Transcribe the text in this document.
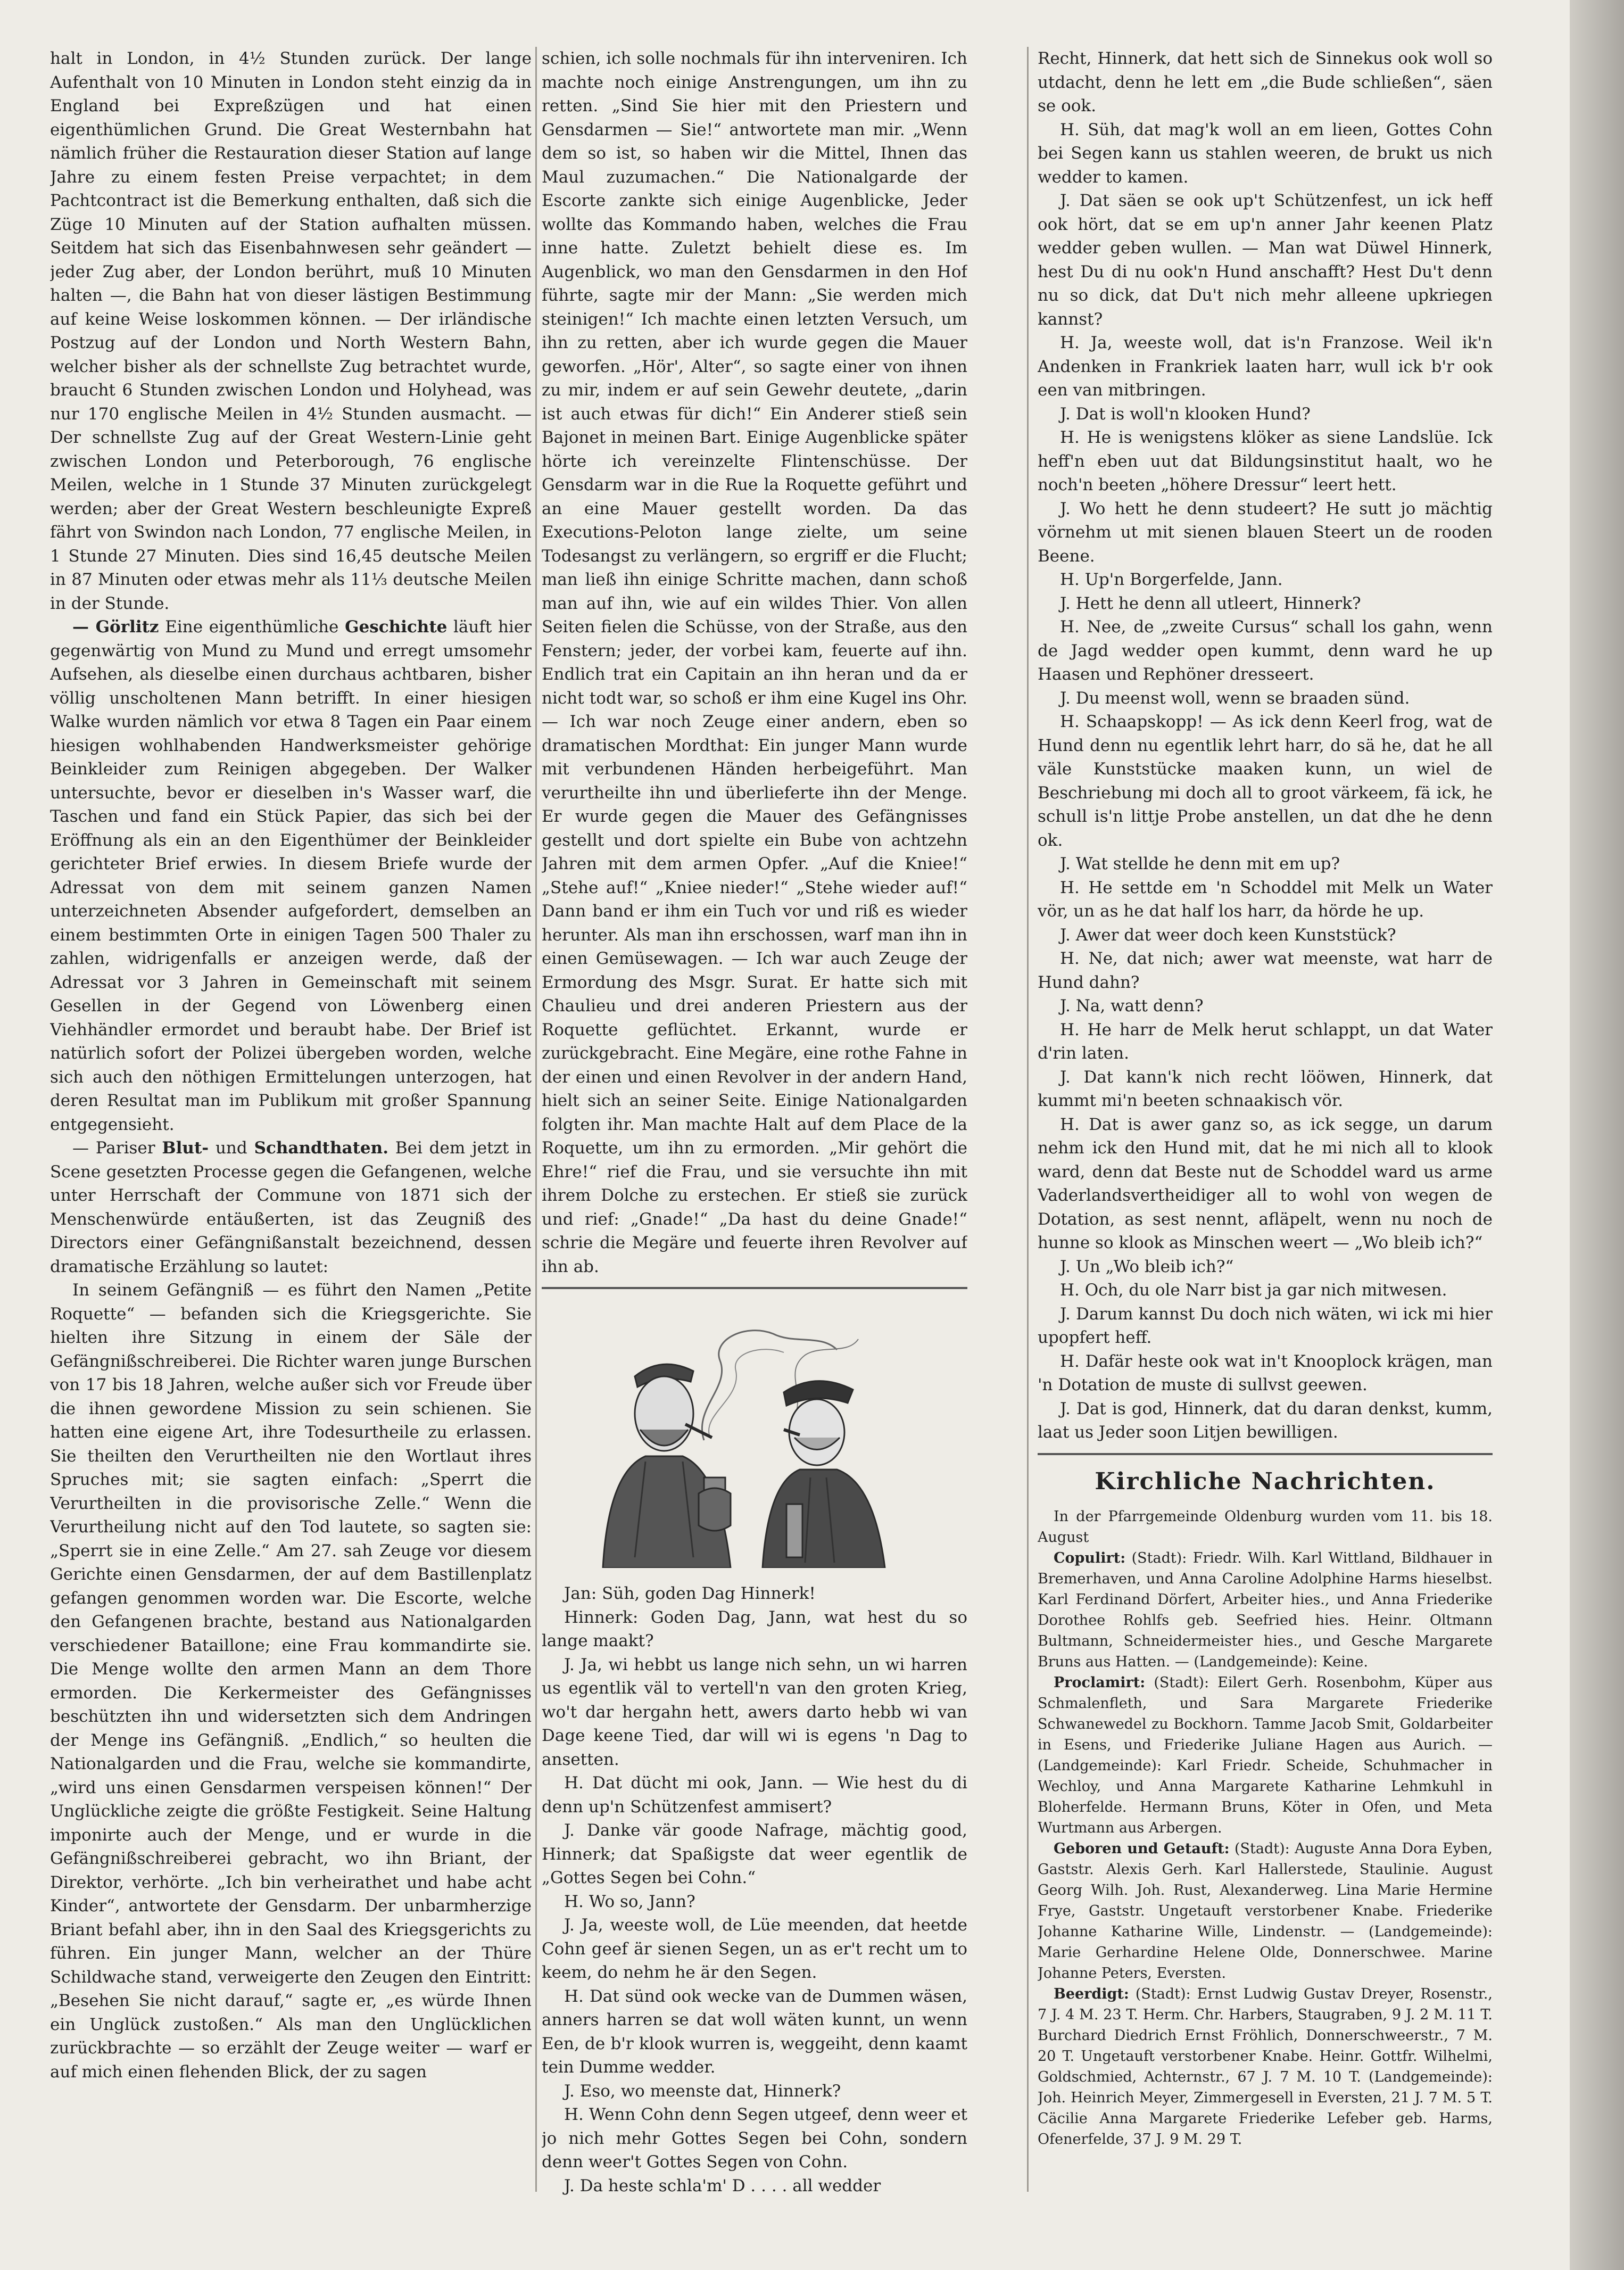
halt in London, in 4½ Stunden zurück. Der lange Aufenthalt von 10 Minuten in London steht einzig da in England bei Expreßzügen und hat einen eigenthümlichen Grund. Die Great Westernbahn hat nämlich früher die Restauration dieser Station auf lange Jahre zu einem festen Preise verpachtet; in dem Pachtcontract ist die Bemerkung enthalten, daß sich die Züge 10 Minuten auf der Station aufhalten müssen. Seitdem hat sich das Eisenbahnwesen sehr geändert — jeder Zug aber, der London berührt, muß 10 Minuten halten —, die Bahn hat von dieser lästigen Bestimmung auf keine Weise loskommen können. — Der irländische Postzug auf der London und North Western Bahn, welcher bisher als der schnellste Zug betrachtet wurde, braucht 6 Stunden zwischen London und Holyhead, was nur 170 englische Meilen in 4½ Stunden ausmacht. — Der schnellste Zug auf der Great Western-Linie geht zwischen London und Peterborough, 76 englische Meilen, welche in 1 Stunde 37 Minuten zurückgelegt werden; aber der Great Western beschleunigte Expreß fährt von Swindon nach London, 77 englische Meilen, in 1 Stunde 27 Minuten. Dies sind 16,45 deutsche Meilen in 87 Minuten oder etwas mehr als 11⅓ deutsche Meilen in der Stunde.

— Görlitz Eine eigenthümliche Geschichte läuft hier gegenwärtig von Mund zu Mund und erregt umsomehr Aufsehen, als dieselbe einen durchaus achtbaren, bisher völlig unscholtenen Mann betrifft. In einer hiesigen Walke wurden nämlich vor etwa 8 Tagen ein Paar einem hiesigen wohlhabenden Handwerksmeister gehörige Beinkleider zum Reinigen abgegeben. Der Walker untersuchte, bevor er dieselben in's Wasser warf, die Taschen und fand ein Stück Papier, das sich bei der Eröffnung als ein an den Eigenthümer der Beinkleider gerichteter Brief erwies. In diesem Briefe wurde der Adressat von dem mit seinem ganzen Namen unterzeichneten Absender aufgefordert, demselben an einem bestimmten Orte in einigen Tagen 500 Thaler zu zahlen, widrigenfalls er anzeigen werde, daß der Adressat vor 3 Jahren in Gemeinschaft mit seinem Gesellen in der Gegend von Löwenberg einen Viehhändler ermordet und beraubt habe. Der Brief ist natürlich sofort der Polizei übergeben worden, welche sich auch den nöthigen Ermittelungen unterzogen, hat deren Resultat man im Publikum mit großer Spannung entgegensieht.

— Pariser Blut- und Schandthaten. Bei dem jetzt in Scene gesetzten Processe gegen die Gefangenen, welche unter Herrschaft der Commune von 1871 sich der Menschenwürde entäußerten, ist das Zeugniß des Directors einer Gefängnißanstalt bezeichnend, dessen dramatische Erzählung so lautet:

In seinem Gefängniß — es führt den Namen „Petite Roquette“ — befanden sich die Kriegsgerichte. Sie hielten ihre Sitzung in einem der Säle der Gefängnißschreiberei. Die Richter waren junge Burschen von 17 bis 18 Jahren, welche außer sich vor Freude über die ihnen gewordene Mission zu sein schienen. Sie hatten eine eigene Art, ihre Todesurtheile zu erlassen. Sie theilten den Verurtheilten nie den Wortlaut ihres Spruches mit; sie sagten einfach: „Sperrt die Verurtheilten in die provisorische Zelle.“ Wenn die Verurtheilung nicht auf den Tod lautete, so sagten sie: „Sperrt sie in eine Zelle.“ Am 27. sah Zeuge vor diesem Gerichte einen Gensdarmen, der auf dem Bastillenplatz gefangen genommen worden war. Die Escorte, welche den Gefangenen brachte, bestand aus Nationalgarden verschiedener Bataillone; eine Frau kommandirte sie. Die Menge wollte den armen Mann an dem Thore ermorden. Die Kerkermeister des Gefängnisses beschützten ihn und widersetzten sich dem Andringen der Menge ins Gefängniß. „Endlich,“ so heulten die Nationalgarden und die Frau, welche sie kommandirte, „wird uns einen Gensdarmen verspeisen können!“ Der Unglückliche zeigte die größte Festigkeit. Seine Haltung imponirte auch der Menge, und er wurde in die Gefängnißschreiberei gebracht, wo ihn Briant, der Direktor, verhörte. „Ich bin verheirathet und habe acht Kinder“, antwortete der Gensdarm. Der unbarmherzige Briant befahl aber, ihn in den Saal des Kriegsgerichts zu führen. Ein junger Mann, welcher an der Thüre Schildwache stand, verweigerte den Zeugen den Eintritt: „Besehen Sie nicht darauf,“ sagte er, „es würde Ihnen ein Unglück zustoßen.“ Als man den Unglücklichen zurückbrachte — so erzählt der Zeuge weiter — warf er auf mich einen flehenden Blick, der zu sagen

schien, ich solle nochmals für ihn interveniren. Ich machte noch einige Anstrengungen, um ihn zu retten. „Sind Sie hier mit den Priestern und Gensdarmen — Sie!“ antwortete man mir. „Wenn dem so ist, so haben wir die Mittel, Ihnen das Maul zuzumachen.“ Die Nationalgarde der Escorte zankte sich einige Augenblicke, Jeder wollte das Kommando haben, welches die Frau inne hatte. Zuletzt behielt diese es. Im Augenblick, wo man den Gensdarmen in den Hof führte, sagte mir der Mann: „Sie werden mich steinigen!“ Ich machte einen letzten Versuch, um ihn zu retten, aber ich wurde gegen die Mauer geworfen. „Hör', Alter“, so sagte einer von ihnen zu mir, indem er auf sein Gewehr deutete, „darin ist auch etwas für dich!“ Ein Anderer stieß sein Bajonet in meinen Bart. Einige Augenblicke später hörte ich vereinzelte Flintenschüsse. Der Gensdarm war in die Rue la Roquette geführt und an eine Mauer gestellt worden. Da das Executions-Peloton lange zielte, um seine Todesangst zu verlängern, so ergriff er die Flucht; man ließ ihn einige Schritte machen, dann schoß man auf ihn, wie auf ein wildes Thier. Von allen Seiten fielen die Schüsse, von der Straße, aus den Fenstern; jeder, der vorbei kam, feuerte auf ihn. Endlich trat ein Capitain an ihn heran und da er nicht todt war, so schoß er ihm eine Kugel ins Ohr. — Ich war noch Zeuge einer andern, eben so dramatischen Mordthat: Ein junger Mann wurde mit verbundenen Händen herbeigeführt. Man verurtheilte ihn und überlieferte ihn der Menge. Er wurde gegen die Mauer des Gefängnisses gestellt und dort spielte ein Bube von achtzehn Jahren mit dem armen Opfer. „Auf die Kniee!“ „Stehe auf!“ „Kniee nieder!“ „Stehe wieder auf!“ Dann band er ihm ein Tuch vor und riß es wieder herunter. Als man ihn erschossen, warf man ihn in einen Gemüsewagen. — Ich war auch Zeuge der Ermordung des Msgr. Surat. Er hatte sich mit Chaulieu und drei anderen Priestern aus der Roquette geflüchtet. Erkannt, wurde er zurückgebracht. Eine Megäre, eine rothe Fahne in der einen und einen Revolver in der andern Hand, hielt sich an seiner Seite. Einige Nationalgarden folgten ihr. Man machte Halt auf dem Place de la Roquette, um ihn zu ermorden. „Mir gehört die Ehre!“ rief die Frau, und sie versuchte ihn mit ihrem Dolche zu erstechen. Er stieß sie zurück und rief: „Gnade!“ „Da hast du deine Gnade!“ schrie die Megäre und feuerte ihren Revolver auf ihn ab.

Jan: Süh, goden Dag Hinnerk!

Hinnerk: Goden Dag, Jann, wat hest du so lange maakt?

J. Ja, wi hebbt us lange nich sehn, un wi harren us egentlik väl to vertell'n van den groten Krieg, wo't dar hergahn hett, awers darto hebb wi van Dage keene Tied, dar will wi is egens 'n Dag to ansetten.

H. Dat dücht mi ook, Jann. — Wie hest du di denn up'n Schützenfest ammisert?

J. Danke vär goode Nafrage, mächtig good, Hinnerk; dat Spaßigste dat weer egentlik de „Gottes Segen bei Cohn.“

H. Wo so, Jann?

J. Ja, weeste woll, de Lüe meenden, dat heetde Cohn geef är sienen Segen, un as er't recht um to keem, do nehm he är den Segen.

H. Dat sünd ook wecke van de Dummen wäsen, anners harren se dat woll wäten kunnt, un wenn Een, de b'r klook wurren is, weggeiht, denn kaamt tein Dumme wedder.

J. Eso, wo meenste dat, Hinnerk?

H. Wenn Cohn denn Segen utgeef, denn weer et jo nich mehr Gottes Segen bei Cohn, sondern denn weer't Gottes Segen von Cohn.

J. Da heste schla'm' D . . . . all wedder

Recht, Hinnerk, dat hett sich de Sinnekus ook woll so utdacht, denn he lett em „die Bude schließen“, säen se ook.

H. Süh, dat mag'k woll an em lieen, Gottes Cohn bei Segen kann us stahlen weeren, de brukt us nich wedder to kamen.

J. Dat säen se ook up't Schützenfest, un ick heff ook hört, dat se em up'n anner Jahr keenen Platz wedder geben wullen. — Man wat Düwel Hinnerk, hest Du di nu ook'n Hund anschafft? Hest Du't denn nu so dick, dat Du't nich mehr alleene upkriegen kannst?

H. Ja, weeste woll, dat is'n Franzose. Weil ik'n Andenken in Frankriek laaten harr, wull ick b'r ook een van mitbringen.

J. Dat is woll'n klooken Hund?

H. He is wenigstens klöker as siene Landslüe. Ick heff'n eben uut dat Bildungsinstitut haalt, wo he noch'n beeten „höhere Dressur“ leert hett.

J. Wo hett he denn studeert? He sutt jo mächtig vörnehm ut mit sienen blauen Steert un de rooden Beene.

H. Up'n Borgerfelde, Jann.

J. Hett he denn all utleert, Hinnerk?

H. Nee, de „zweite Cursus“ schall los gahn, wenn de Jagd wedder open kummt, denn ward he up Haasen und Rephöner dresseert.

J. Du meenst woll, wenn se braaden sünd.

H. Schaapskopp! — As ick denn Keerl frog, wat de Hund denn nu egentlik lehrt harr, do sä he, dat he all väle Kunststücke maaken kunn, un wiel de Beschriebung mi doch all to groot värkeem, fä ick, he schull is'n littje Probe anstellen, un dat dhe he denn ok.

J. Wat stellde he denn mit em up?

H. He settde em 'n Schoddel mit Melk un Water vör, un as he dat half los harr, da hörde he up.

J. Awer dat weer doch keen Kunststück?

H. Ne, dat nich; awer wat meenste, wat harr de Hund dahn?

J. Na, watt denn?

H. He harr de Melk herut schlappt, un dat Water d'rin laten.

J. Dat kann'k nich recht lööwen, Hinnerk, dat kummt mi'n beeten schnaakisch vör.

H. Dat is awer ganz so, as ick segge, un darum nehm ick den Hund mit, dat he mi nich all to klook ward, denn dat Beste nut de Schoddel ward us arme Vaderlandsvertheidiger all to wohl von wegen de Dotation, as sest nennt, afläpelt, wenn nu noch de hunne so klook as Minschen weert — „Wo bleib ich?“

J. Un „Wo bleib ich?“

H. Och, du ole Narr bist ja gar nich mitwesen.

J. Darum kannst Du doch nich wäten, wi ick mi hier upopfert heff.

H. Dafär heste ook wat in't Knooplock krägen, man 'n Dotation de muste di sullvst geewen.

J. Dat is god, Hinnerk, dat du daran denkst, kumm, laat us Jeder soon Litjen bewilligen.

Kirchliche Nachrichten.

In der Pfarrgemeinde Oldenburg wurden vom 11. bis 18. August

Copulirt: (Stadt): Friedr. Wilh. Karl Wittland, Bildhauer in Bremerhaven, und Anna Caroline Adolphine Harms hieselbst. Karl Ferdinand Dörfert, Arbeiter hies., und Anna Friederike Dorothee Rohlfs geb. Seefried hies. Heinr. Oltmann Bultmann, Schneidermeister hies., und Gesche Margarete Bruns aus Hatten. — (Landgemeinde): Keine.

Proclamirt: (Stadt): Eilert Gerh. Rosenbohm, Küper aus Schmalenfleth, und Sara Margarete Friederike Schwanewedel zu Bockhorn. Tamme Jacob Smit, Goldarbeiter in Esens, und Friederike Juliane Hagen aus Aurich. — (Landgemeinde): Karl Friedr. Scheide, Schuhmacher in Wechloy, und Anna Margarete Katharine Lehmkuhl in Bloherfelde. Hermann Bruns, Köter in Ofen, und Meta Wurtmann aus Arbergen.

Geboren und Getauft: (Stadt): Auguste Anna Dora Eyben, Gaststr. Alexis Gerh. Karl Hallerstede, Staulinie. August Georg Wilh. Joh. Rust, Alexanderweg. Lina Marie Hermine Frye, Gaststr. Ungetauft verstorbener Knabe. Friederike Johanne Katharine Wille, Lindenstr. — (Landgemeinde): Marie Gerhardine Helene Olde, Donnerschwee. Marine Johanne Peters, Eversten.

Beerdigt: (Stadt): Ernst Ludwig Gustav Dreyer, Rosenstr., 7 J. 4 M. 23 T. Herm. Chr. Harbers, Staugraben, 9 J. 2 M. 11 T. Burchard Diedrich Ernst Fröhlich, Donnerschweerstr., 7 M. 20 T. Ungetauft verstorbener Knabe. Heinr. Gottfr. Wilhelmi, Goldschmied, Achternstr., 67 J. 7 M. 10 T. (Landgemeinde): Joh. Heinrich Meyer, Zimmergesell in Eversten, 21 J. 7 M. 5 T. Cäcilie Anna Margarete Friederike Lefeber geb. Harms, Ofenerfelde, 37 J. 9 M. 29 T.
